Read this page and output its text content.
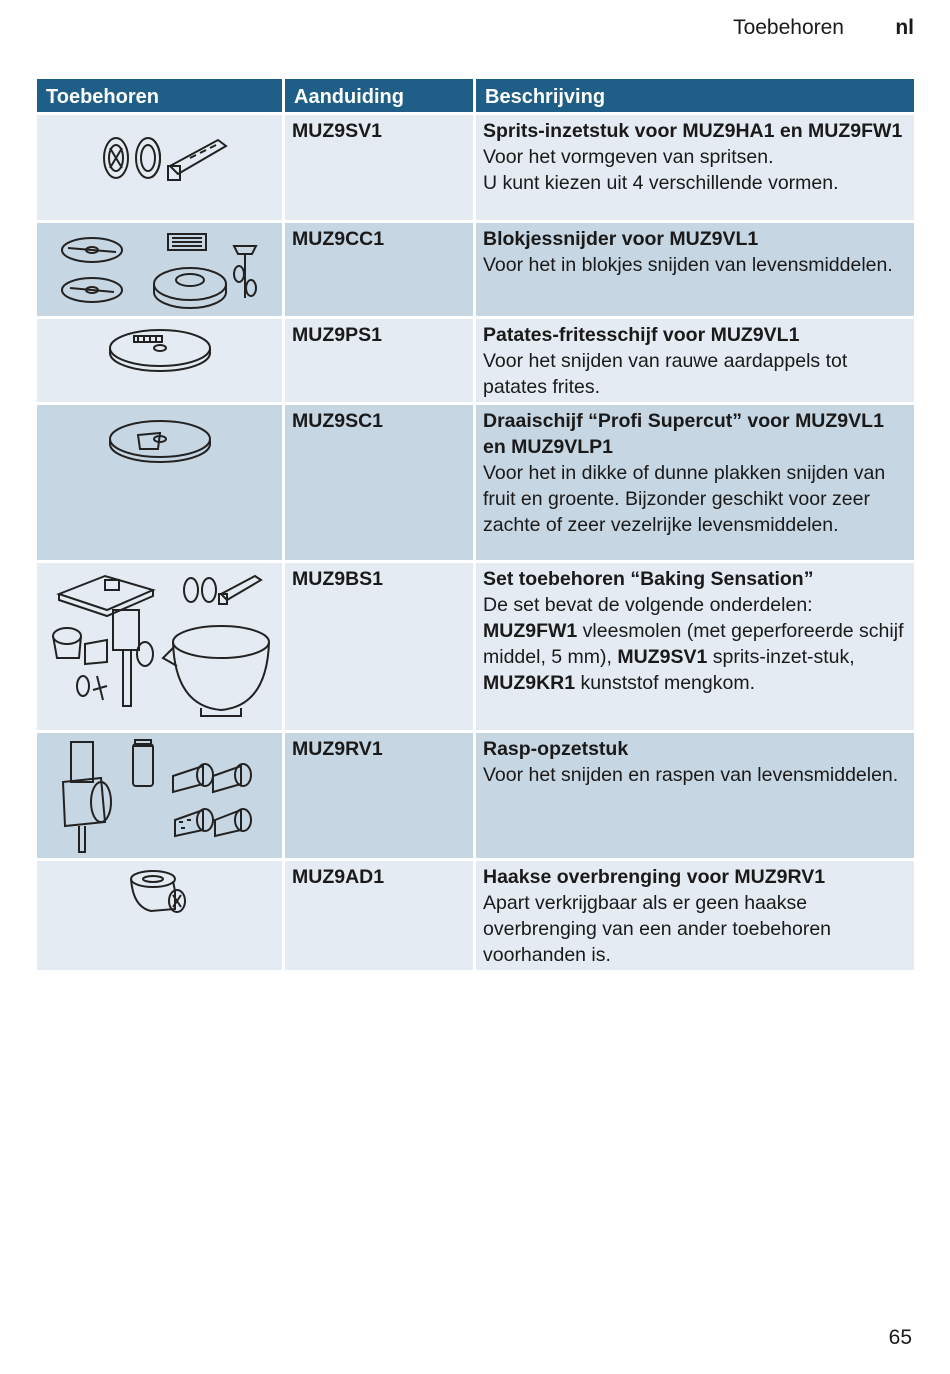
Toebehoren nl
Toebehoren	Aanduiding	Beschrijving

	MUZ9SV1	Sprits-inzetstuk voor MUZ9HA1 en MUZ9FW1
Voor het vormgeven van spritsen.
U kunt kiezen uit 4 verschillende vormen.

	MUZ9CC1	Blokjessnijder voor MUZ9VL1
Voor het in blokjes snijden van levensmiddelen.

	MUZ9PS1	Patates-fritesschijf voor MUZ9VL1
Voor het snijden van rauwe aardappels tot patates frites.

	MUZ9SC1	Draaischijf “Profi Supercut” voor MUZ9VL1 en MUZ9VLP1
Voor het in dikke of dunne plakken snijden van fruit en groente. Bijzonder geschikt voor zeer zachte of zeer vezelrijke levensmiddelen.

	MUZ9BS1	Set toebehoren “Baking Sensation”
De set bevat de volgende onderdelen:
MUZ9FW1 vleesmolen (met geperforeerde schijf middel, 5 mm), MUZ9SV1 sprits-inzet-stuk, MUZ9KR1 kunststof mengkom.

	MUZ9RV1	Rasp-opzetstuk
Voor het snijden en raspen van levensmiddelen.

	MUZ9AD1	Haakse overbrenging voor MUZ9RV1
Apart verkrijgbaar als er geen haakse overbrenging van een ander toebehoren voorhanden is.
65
